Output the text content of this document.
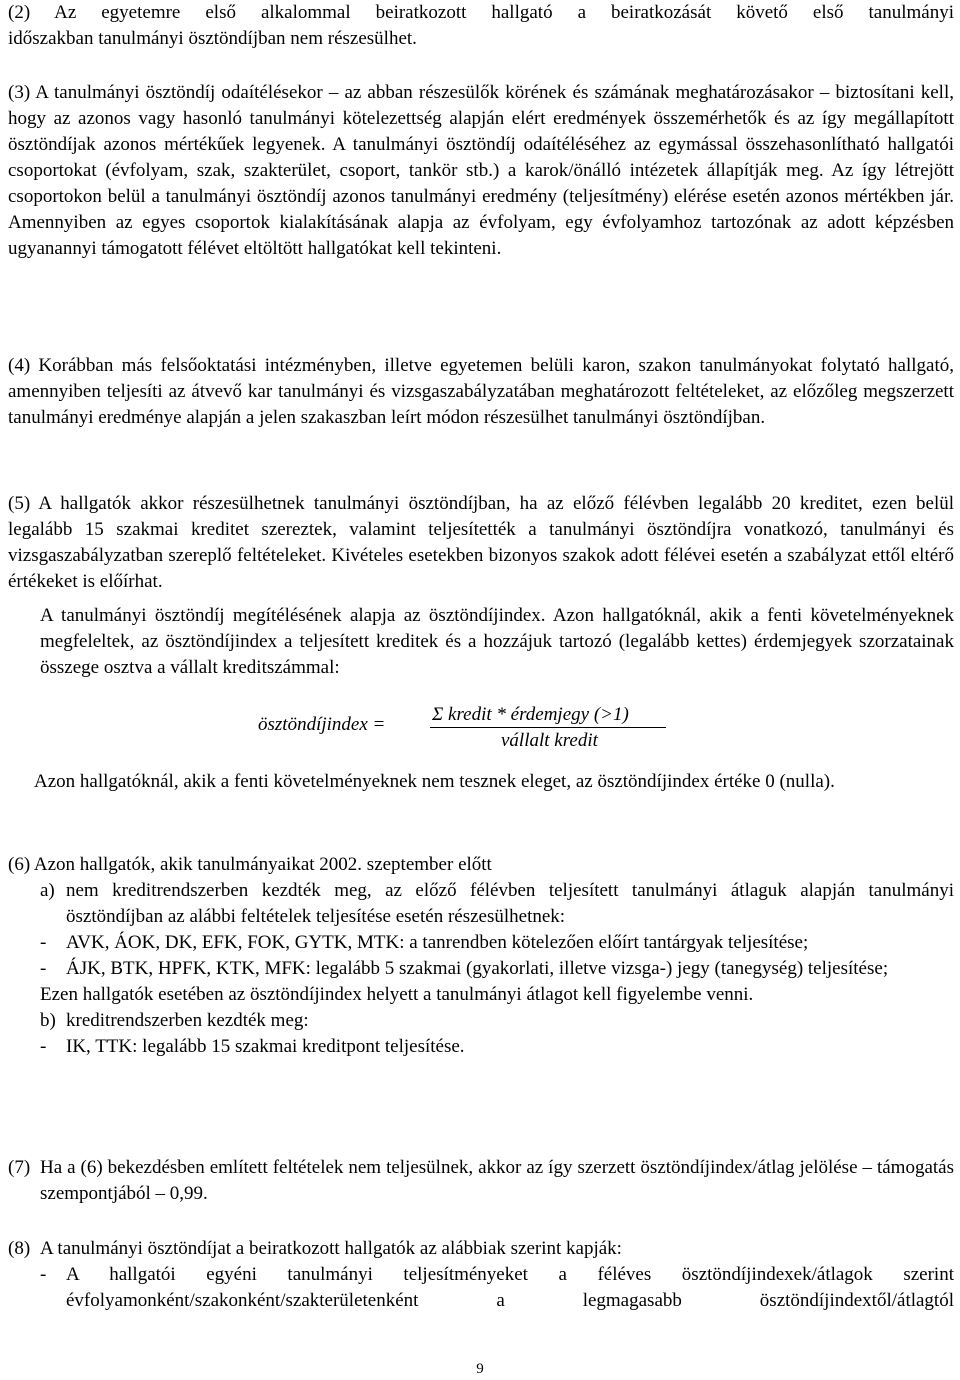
(2) Az egyetemre első alkalommal beiratkozott hallgató a beiratkozását követő első tanulmányi
időszakban tanulmányi ösztöndíjban nem részesülhet.
(3) A tanulmányi ösztöndíj odaítélésekor – az abban részesülők körének és számának meghatározásakor – biztosítani kell, hogy az azonos vagy hasonló tanulmányi kötelezettség alapján elért eredmények összemérhetők és az így megállapított ösztöndíjak azonos mértékűek legyenek. A tanulmányi ösztöndíj odaítéléséhez az egymással összehasonlítható hallgatói csoportokat (évfolyam, szak, szakterület, csoport, tankör stb.) a karok/önálló intézetek állapítják meg. Az így létrejött csoportokon belül a tanulmányi ösztöndíj azonos tanulmányi eredmény (teljesítmény) elérése esetén azonos mértékben jár. Amennyiben az egyes csoportok kialakításának alapja az évfolyam, egy évfolyamhoz tartozónak az adott képzésben ugyanannyi támogatott félévet eltöltött hallgatókat kell tekinteni.
(4) Korábban más felsőoktatási intézményben, illetve egyetemen belüli karon, szakon tanulmányokat folytató hallgató, amennyiben teljesíti az átvevő kar tanulmányi és vizsgaszabályzatában meghatározott feltételeket, az előzőleg megszerzett tanulmányi eredménye alapján a jelen szakaszban leírt módon részesülhet tanulmányi ösztöndíjban.
(5) A hallgatók akkor részesülhetnek tanulmányi ösztöndíjban, ha az előző félévben legalább 20 kreditet, ezen belül legalább 15 szakmai kreditet szereztek, valamint teljesítették a tanulmányi ösztöndíjra vonatkozó, tanulmányi és vizsgaszabályzatban szereplő feltételeket. Kivételes esetekben bizonyos szakok adott félévei esetén a szabályzat ettől eltérő értékeket is előírhat.
A tanulmányi ösztöndíj megítélésének alapja az ösztöndíjindex. Azon hallgatóknál, akik a fenti követelményeknek megfeleltek, az ösztöndíjindex a teljesített kreditek és a hozzájuk tartozó (legalább kettes) érdemjegyek szorzatainak összege osztva a vállalt kreditszámmal:
ösztöndíjindex = Σ kredit * érdemjegy (>1)
vállalt kredit
Azon hallgatóknál, akik a fenti követelményeknek nem tesznek eleget, az ösztöndíjindex értéke 0 (nulla).
(6) Azon hallgatók, akik tanulmányaikat 2002. szeptember előtt
a) nem kreditrendszerben kezdték meg, az előző félévben teljesített tanulmányi átlaguk alapján tanulmányi ösztöndíjban az alábbi feltételek teljesítése esetén részesülhetnek:
- AVK, ÁOK, DK, EFK, FOK, GYTK, MTK: a tanrendben kötelezően előírt tantárgyak teljesítése;
- ÁJK, BTK, HPFK, KTK, MFK: legalább 5 szakmai (gyakorlati, illetve vizsga-) jegy (tanegység) teljesítése;
Ezen hallgatók esetében az ösztöndíjindex helyett a tanulmányi átlagot kell figyelembe venni.
b) kreditrendszerben kezdték meg:
- IK, TTK: legalább 15 szakmai kreditpont teljesítése.
(7) Ha a (6) bekezdésben említett feltételek nem teljesülnek, akkor az így szerzett ösztöndíjindex/átlag jelölése – támogatás szempontjából – 0,99.
(8) A tanulmányi ösztöndíjat a beiratkozott hallgatók az alábbiak szerint kapják:
-	A hallgatói egyéni tanulmányi teljesítményeket a féléves ösztöndíjindexek/átlagok szerint évfolyamonként/szakonként/szakterületenként a legmagasabb ösztöndíjindextől/átlagtól
9
